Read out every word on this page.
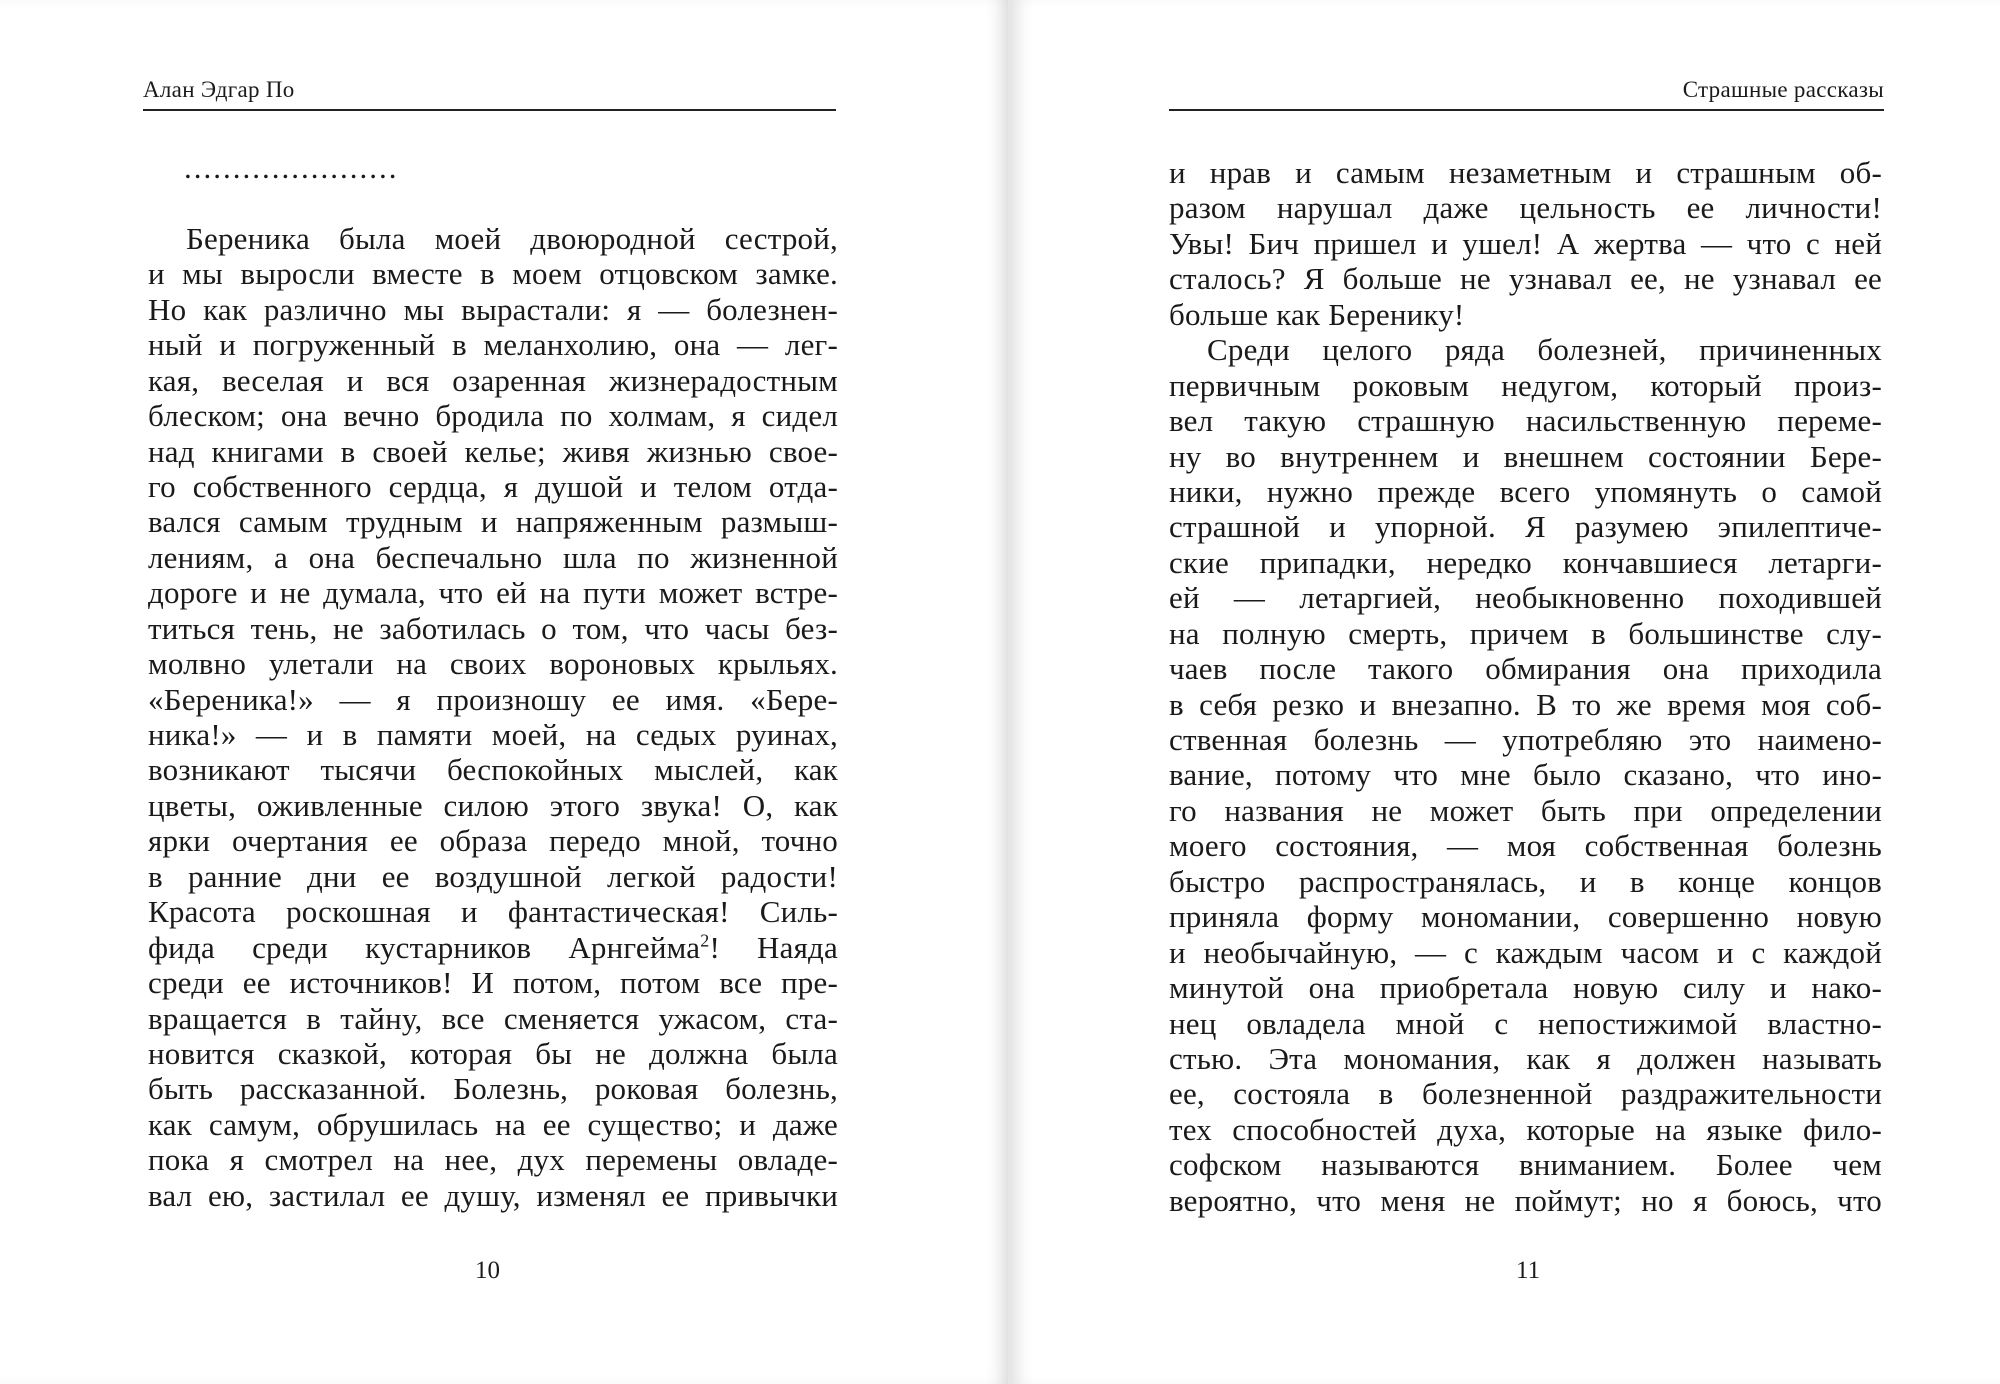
Алан Эдгар По
......................
Береника была моей двоюродной сестрой,
и мы выросли вместе в моем отцовском замке.
Но как различно мы вырастали: я — болезнен-
ный и погруженный в меланхолию, она — лег-
кая, веселая и вся озаренная жизнерадостным
блеском; она вечно бродила по холмам, я сидел
над книгами в своей келье; живя жизнью свое-
го собственного сердца, я душой и телом отда-
вался самым трудным и напряженным размыш-
лениям, а она беспечально шла по жизненной
дороге и не думала, что ей на пути может встре-
титься тень, не заботилась о том, что часы без-
молвно улетали на своих вороновых крыльях.
«Береника!» — я произношу ее имя. «Бере-
ника!» — и в памяти моей, на седых руинах,
возникают тысячи беспокойных мыслей, как
цветы, оживленные силою этого звука! О, как
ярки очертания ее образа передо мной, точно
в ранние дни ее воздушной легкой радости!
Красота роскошная и фантастическая! Силь-
фида среди кустарников Арнгейма$^2$! Наяда
среди ее источников! И потом, потом все пре-
вращается в тайну, все сменяется ужасом, ста-
новится сказкой, которая бы не должна была
быть рассказанной. Болезнь, роковая болезнь,
как самум, обрушилась на ее существо; и даже
пока я смотрел на нее, дух перемены овладе-
вал ею, застилал ее душу, изменял ее привычки
10
Страшные рассказы
и нрав и самым незаметным и страшным об-
разом нарушал даже цельность ее личности!
Увы! Бич пришел и ушел! А жертва — что с ней
сталось? Я больше не узнавал ее, не узнавал ее
больше как Беренику!
Среди целого ряда болезней, причиненных
первичным роковым недугом, который произ-
вел такую страшную насильственную переме-
ну во внутреннем и внешнем состоянии Бере-
ники, нужно прежде всего упомянуть о самой
страшной и упорной. Я разумею эпилептиче-
ские припадки, нередко кончавшиеся летарги-
ей — летаргией, необыкновенно походившей
на полную смерть, причем в большинстве слу-
чаев после такого обмирания она приходила
в себя резко и внезапно. В то же время моя соб-
ственная болезнь — употребляю это наимено-
вание, потому что мне было сказано, что ино-
го названия не может быть при определении
моего состояния, — моя собственная болезнь
быстро распространялась, и в конце концов
приняла форму мономании, совершенно новую
и необычайную, — с каждым часом и с каждой
минутой она приобретала новую силу и нако-
нец овладела мной с непостижимой властно-
стью. Эта мономания, как я должен называть
ее, состояла в болезненной раздражительности
тех способностей духа, которые на языке фило-
софском называются вниманием. Более чем
вероятно, что меня не поймут; но я боюсь, что
11
